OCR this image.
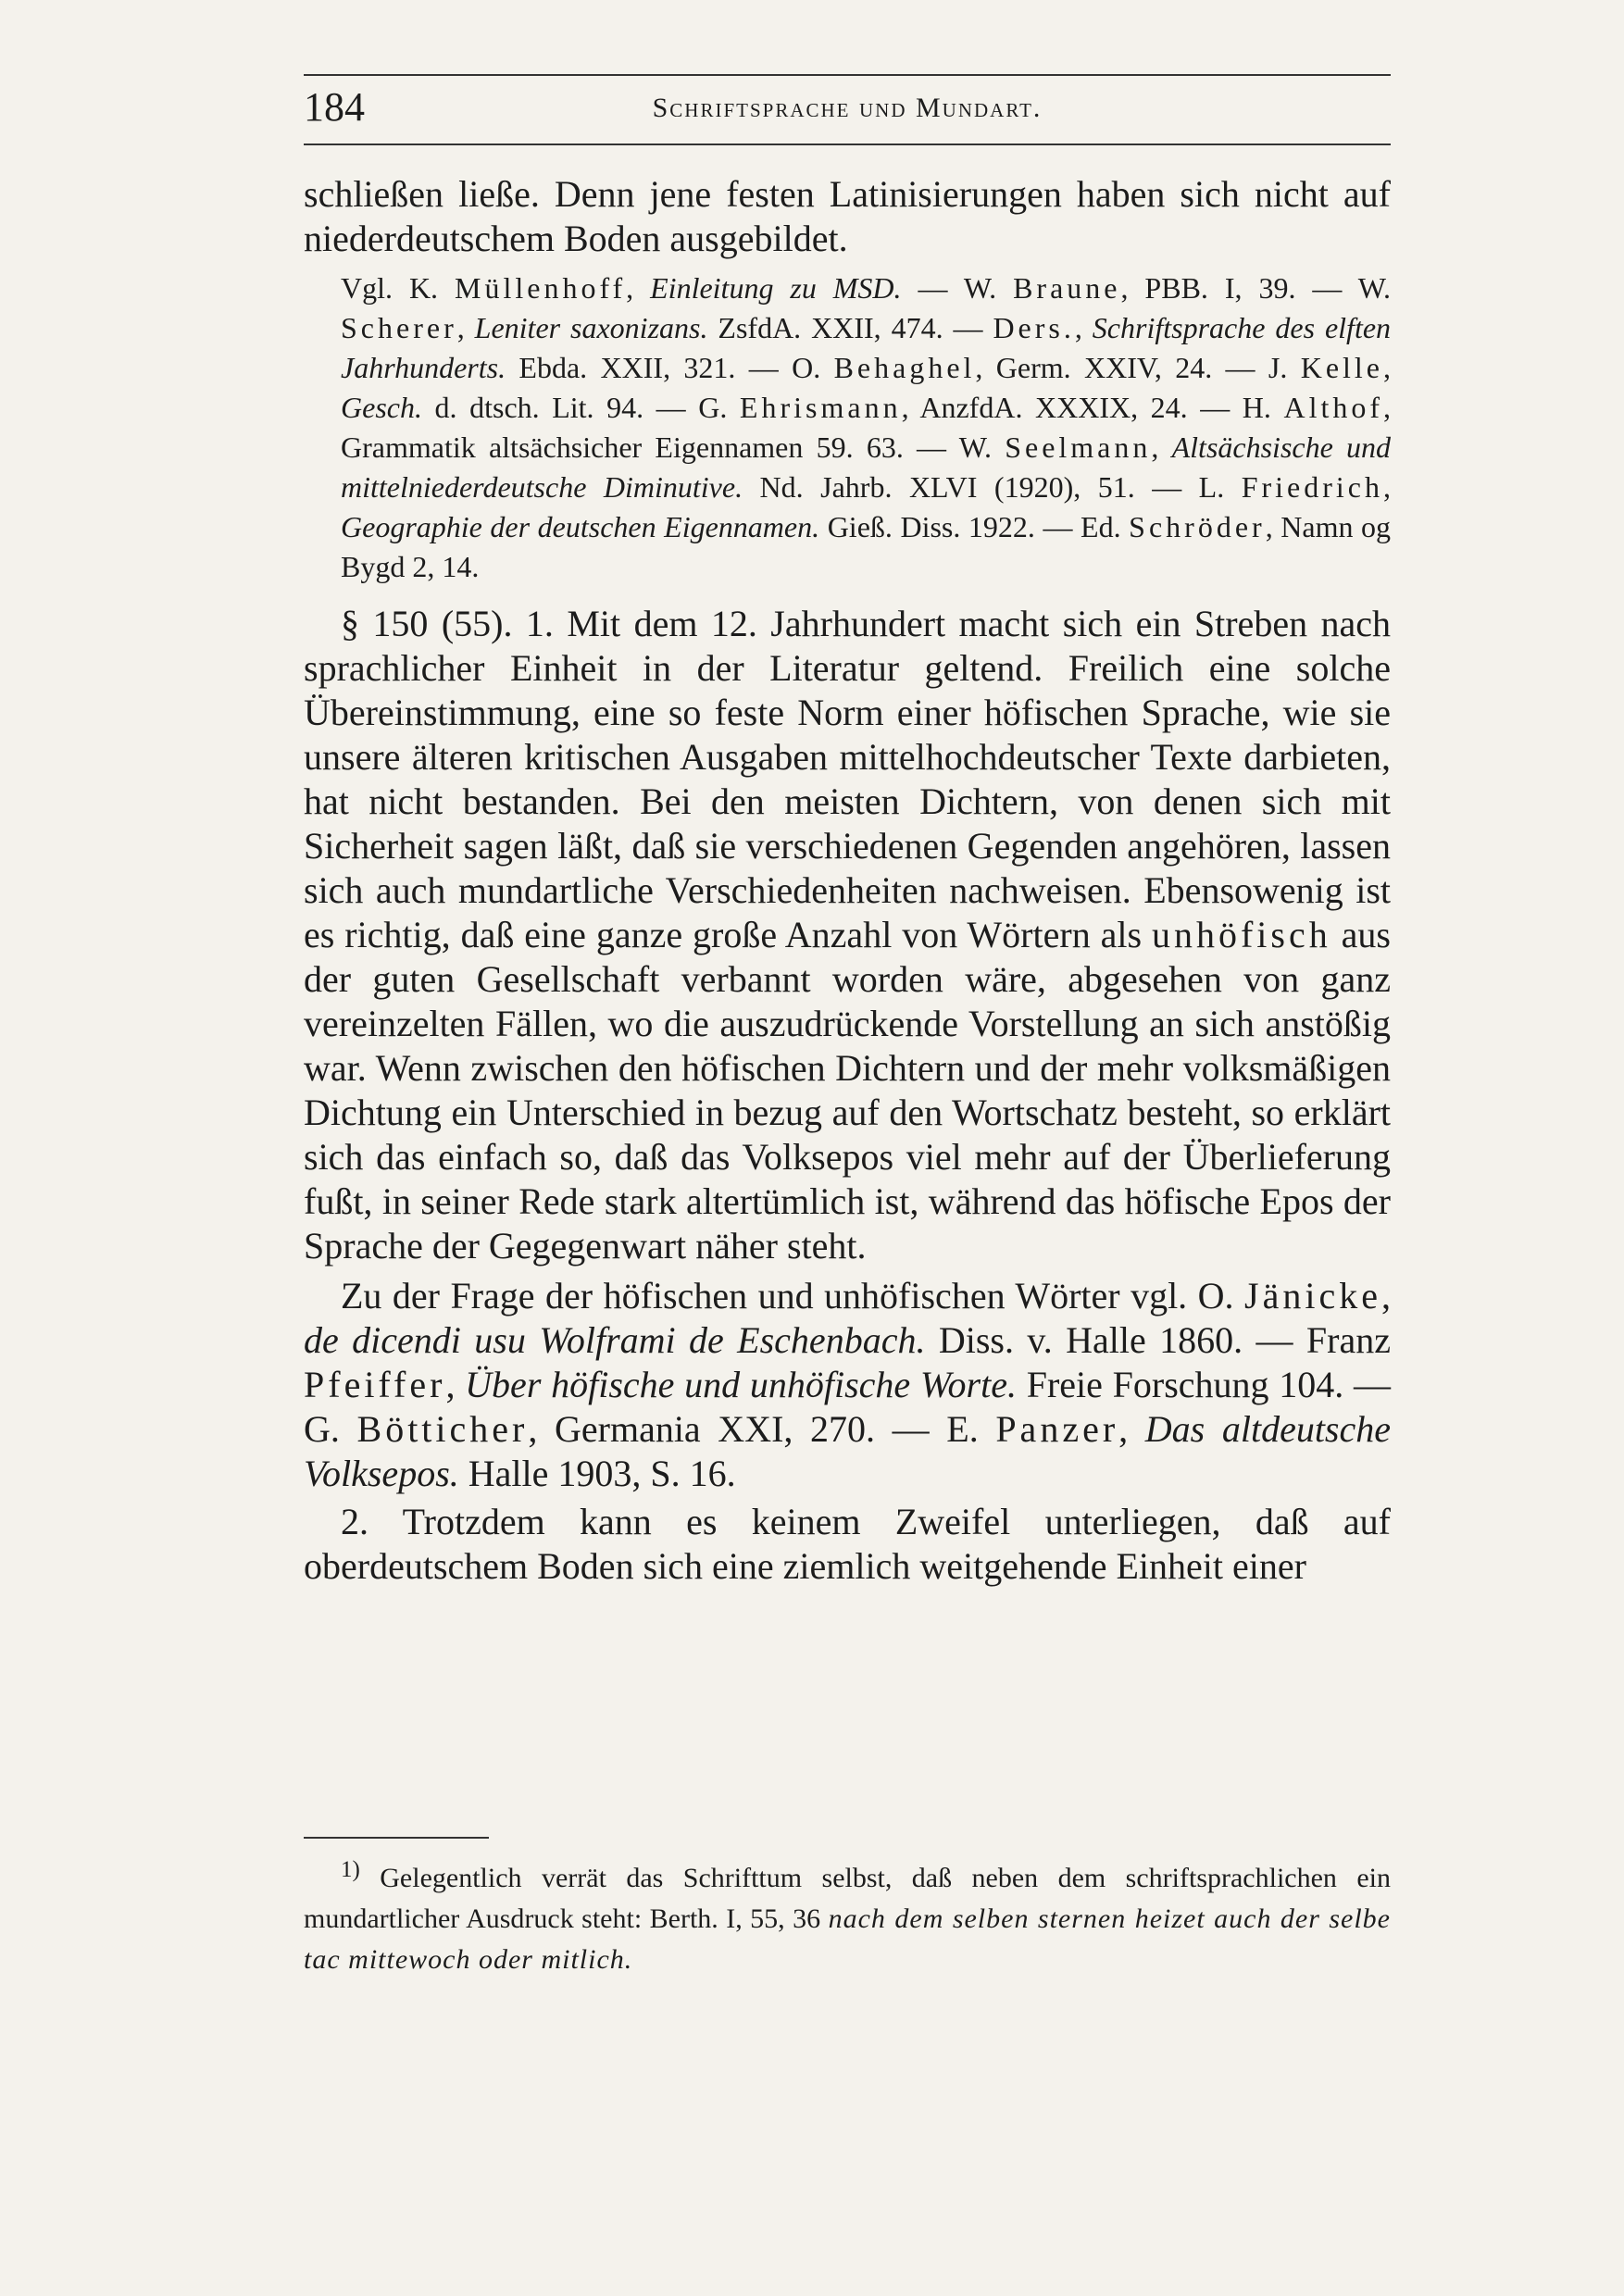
184	Schriftsprache und Mundart.

schließen ließe. Denn jene festen Latinisierungen haben sich nicht auf niederdeutschem Boden ausgebildet.

Vgl. K. Müllenhoff, Einleitung zu MSD. — W. Braune, PBB. I, 39. — W. Scherer, Leniter saxonizans. ZsfdA. XXII, 474. — Ders., Schriftsprache des elften Jahrhunderts. Ebda. XXII, 321. — O. Behaghel, Germ. XXIV, 24. — J. Kelle, Gesch. d. dtsch. Lit. 94. — G. Ehrismann, AnzfdA. XXXIX, 24. — H. Althof, Grammatik altsächsicher Eigennamen 59. 63. — W. Seelmann, Altsächsische und mittelniederdeutsche Diminutive. Nd. Jahrb. XLVI (1920), 51. — L. Friedrich, Geographie der deutschen Eigennamen. Gieß. Diss. 1922. — Ed. Schröder, Namn og Bygd 2, 14.

§ 150 (55). 1. Mit dem 12. Jahrhundert macht sich ein Streben nach sprachlicher Einheit in der Literatur geltend. Freilich eine solche Übereinstimmung, eine so feste Norm einer höfischen Sprache, wie sie unsere älteren kritischen Ausgaben mittelhochdeutscher Texte darbieten, hat nicht bestanden. Bei den meisten Dichtern, von denen sich mit Sicherheit sagen läßt, daß sie verschiedenen Gegenden angehören, lassen sich auch mundartliche Verschiedenheiten nachweisen. Ebensowenig ist es richtig, daß eine ganze große Anzahl von Wörtern als unhöfisch aus der guten Gesellschaft verbannt worden wäre, abgesehen von ganz vereinzelten Fällen, wo die auszudrückende Vorstellung an sich anstößig war. Wenn zwischen den höfischen Dichtern und der mehr volksmäßigen Dichtung ein Unterschied in bezug auf den Wortschatz besteht, so erklärt sich das einfach so, daß das Volksepos viel mehr auf der Überlieferung fußt, in seiner Rede stark altertümlich ist, während das höfische Epos der Sprache der Gegegenwart näher steht.

Zu der Frage der höfischen und unhöfischen Wörter vgl. O. Jänicke, de dicendi usu Wolframi de Eschenbach. Diss. v. Halle 1860. — Franz Pfeiffer, Über höfische und unhöfische Worte. Freie Forschung 104. — G. Bötticher, Germania XXI, 270. — E. Panzer, Das altdeutsche Volksepos. Halle 1903, S. 16.

2. Trotzdem kann es keinem Zweifel unterliegen, daß auf oberdeutschem Boden sich eine ziemlich weitgehende Einheit einer

$^{1)}$ Gelegentlich verrät das Schrifttum selbst, daß neben dem schriftsprachlichen ein mundartlicher Ausdruck steht: Berth. I, 55, 36 nach dem selben sternen heizet auch der selbe tac mittewoch oder mitlich.
